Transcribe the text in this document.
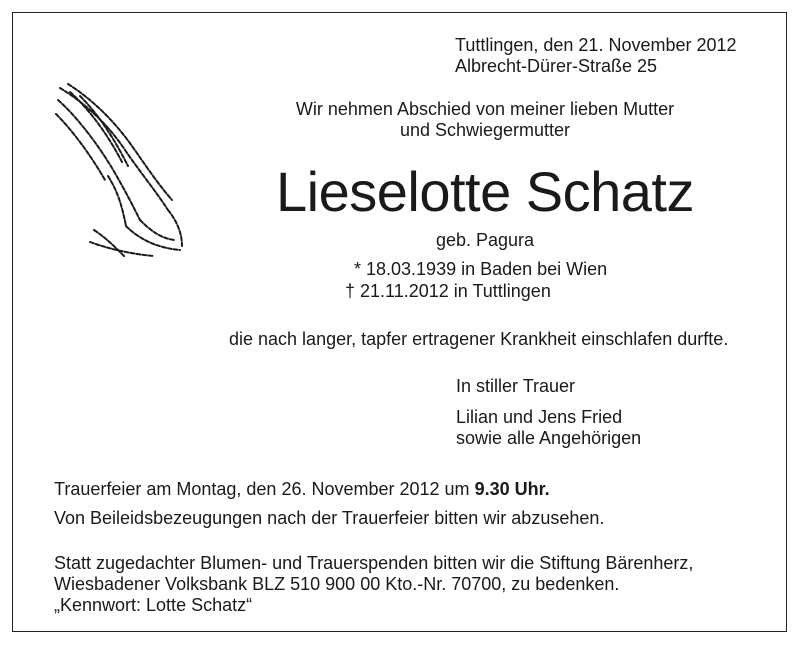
Tuttlingen, den 21. November 2012
Albrecht-Dürer-Straße 25
Wir nehmen Abschied von meiner lieben Mutter
und Schwiegermutter
Lieselotte Schatz
geb. Pagura
* 18.03.1939 in Baden bei Wien
† 21.11.2012 in Tuttlingen
die nach langer, tapfer ertragener Krankheit einschlafen durfte.
In stiller Trauer
Lilian und Jens Fried
sowie alle Angehörigen
Trauerfeier am Montag, den 26. November 2012 um 9.30 Uhr.
Von Beileidsbezeugungen nach der Trauerfeier bitten wir abzusehen.
Statt zugedachter Blumen- und Trauerspenden bitten wir die Stiftung Bärenherz,
Wiesbadener Volksbank BLZ 510 900 00 Kto.-Nr. 70700, zu bedenken.
„Kennwort: Lotte Schatz“
